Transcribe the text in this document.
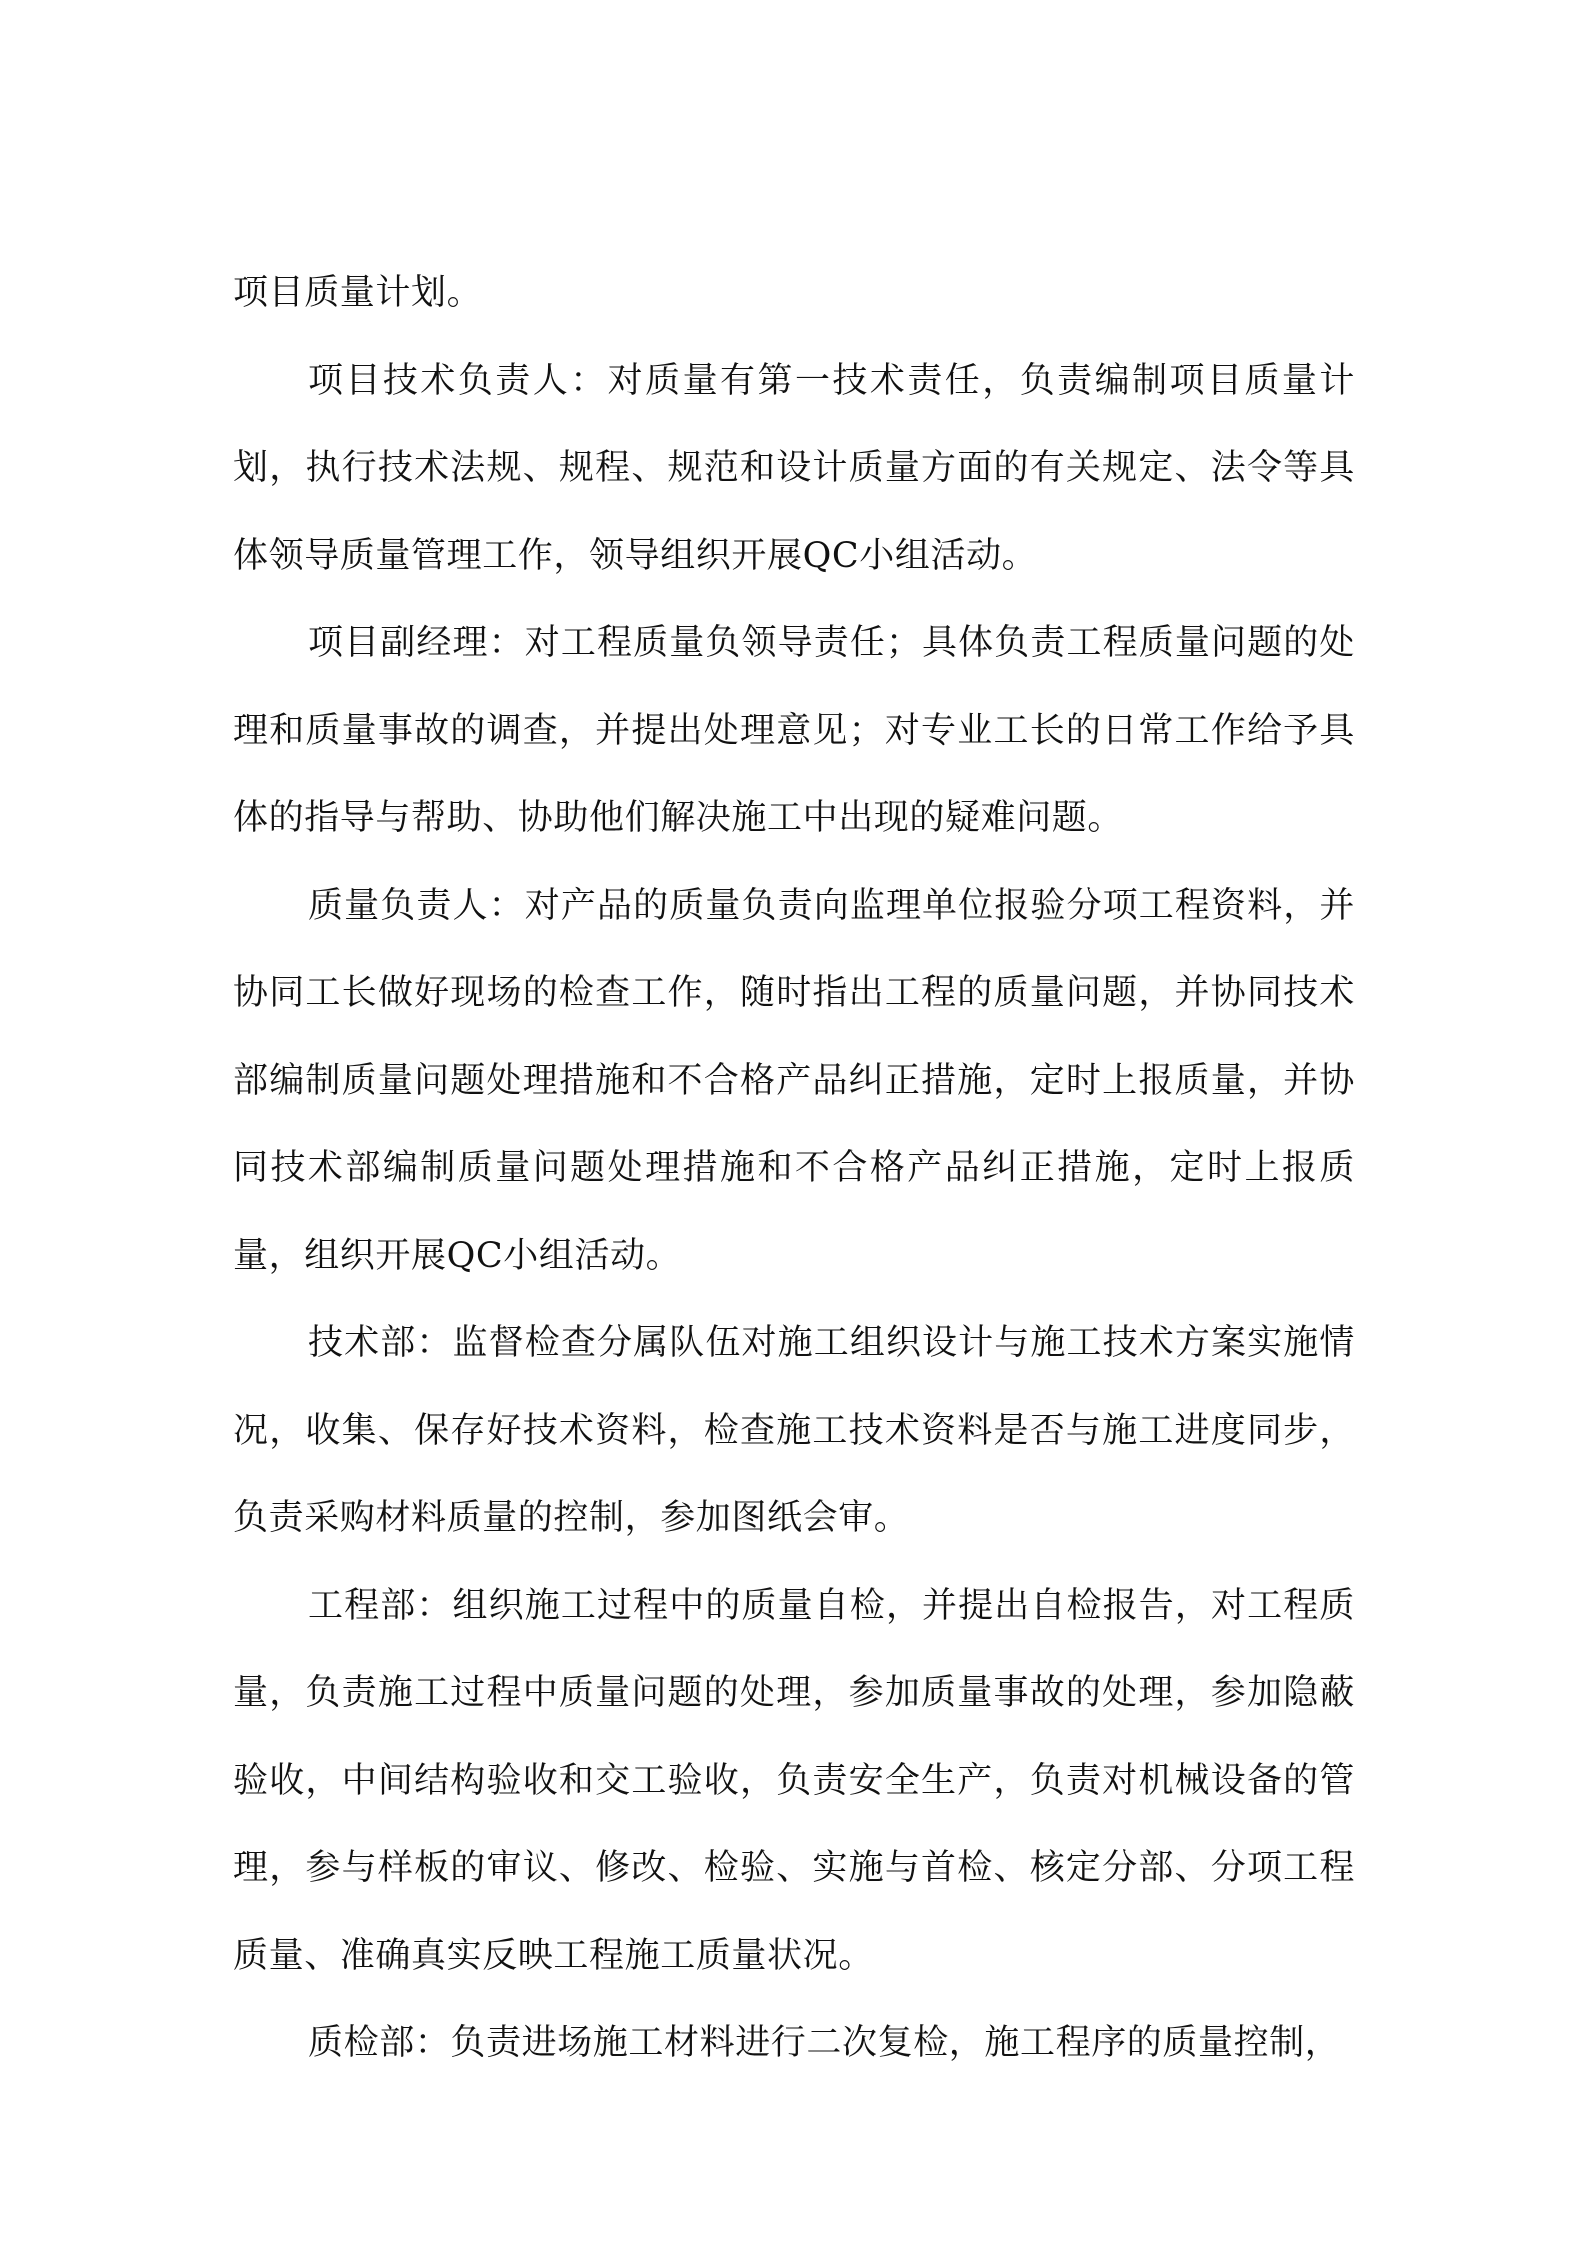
项目质量计划。

项目技术负责人：对质量有第一技术责任，负责编制项目质量计划，执行技术法规、规程、规范和设计质量方面的有关规定、法令等具体领导质量管理工作，领导组织开展QC小组活动。

项目副经理：对工程质量负领导责任；具体负责工程质量问题的处理和质量事故的调查，并提出处理意见；对专业工长的日常工作给予具体的指导与帮助、协助他们解决施工中出现的疑难问题。

质量负责人：对产品的质量负责向监理单位报验分项工程资料，并协同工长做好现场的检查工作，随时指出工程的质量问题，并协同技术部编制质量问题处理措施和不合格产品纠正措施，定时上报质量，并协同技术部编制质量问题处理措施和不合格产品纠正措施，定时上报质量，组织开展QC小组活动。

技术部：监督检查分属队伍对施工组织设计与施工技术方案实施情况，收集、保存好技术资料，检查施工技术资料是否与施工进度同步，负责采购材料质量的控制，参加图纸会审。

工程部：组织施工过程中的质量自检，并提出自检报告，对工程质量，负责施工过程中质量问题的处理，参加质量事故的处理，参加隐蔽验收，中间结构验收和交工验收，负责安全生产，负责对机械设备的管理，参与样板的审议、修改、检验、实施与首检、核定分部、分项工程质量、准确真实反映工程施工质量状况。

质检部：负责进场施工材料进行二次复检，施工程序的质量控制，
